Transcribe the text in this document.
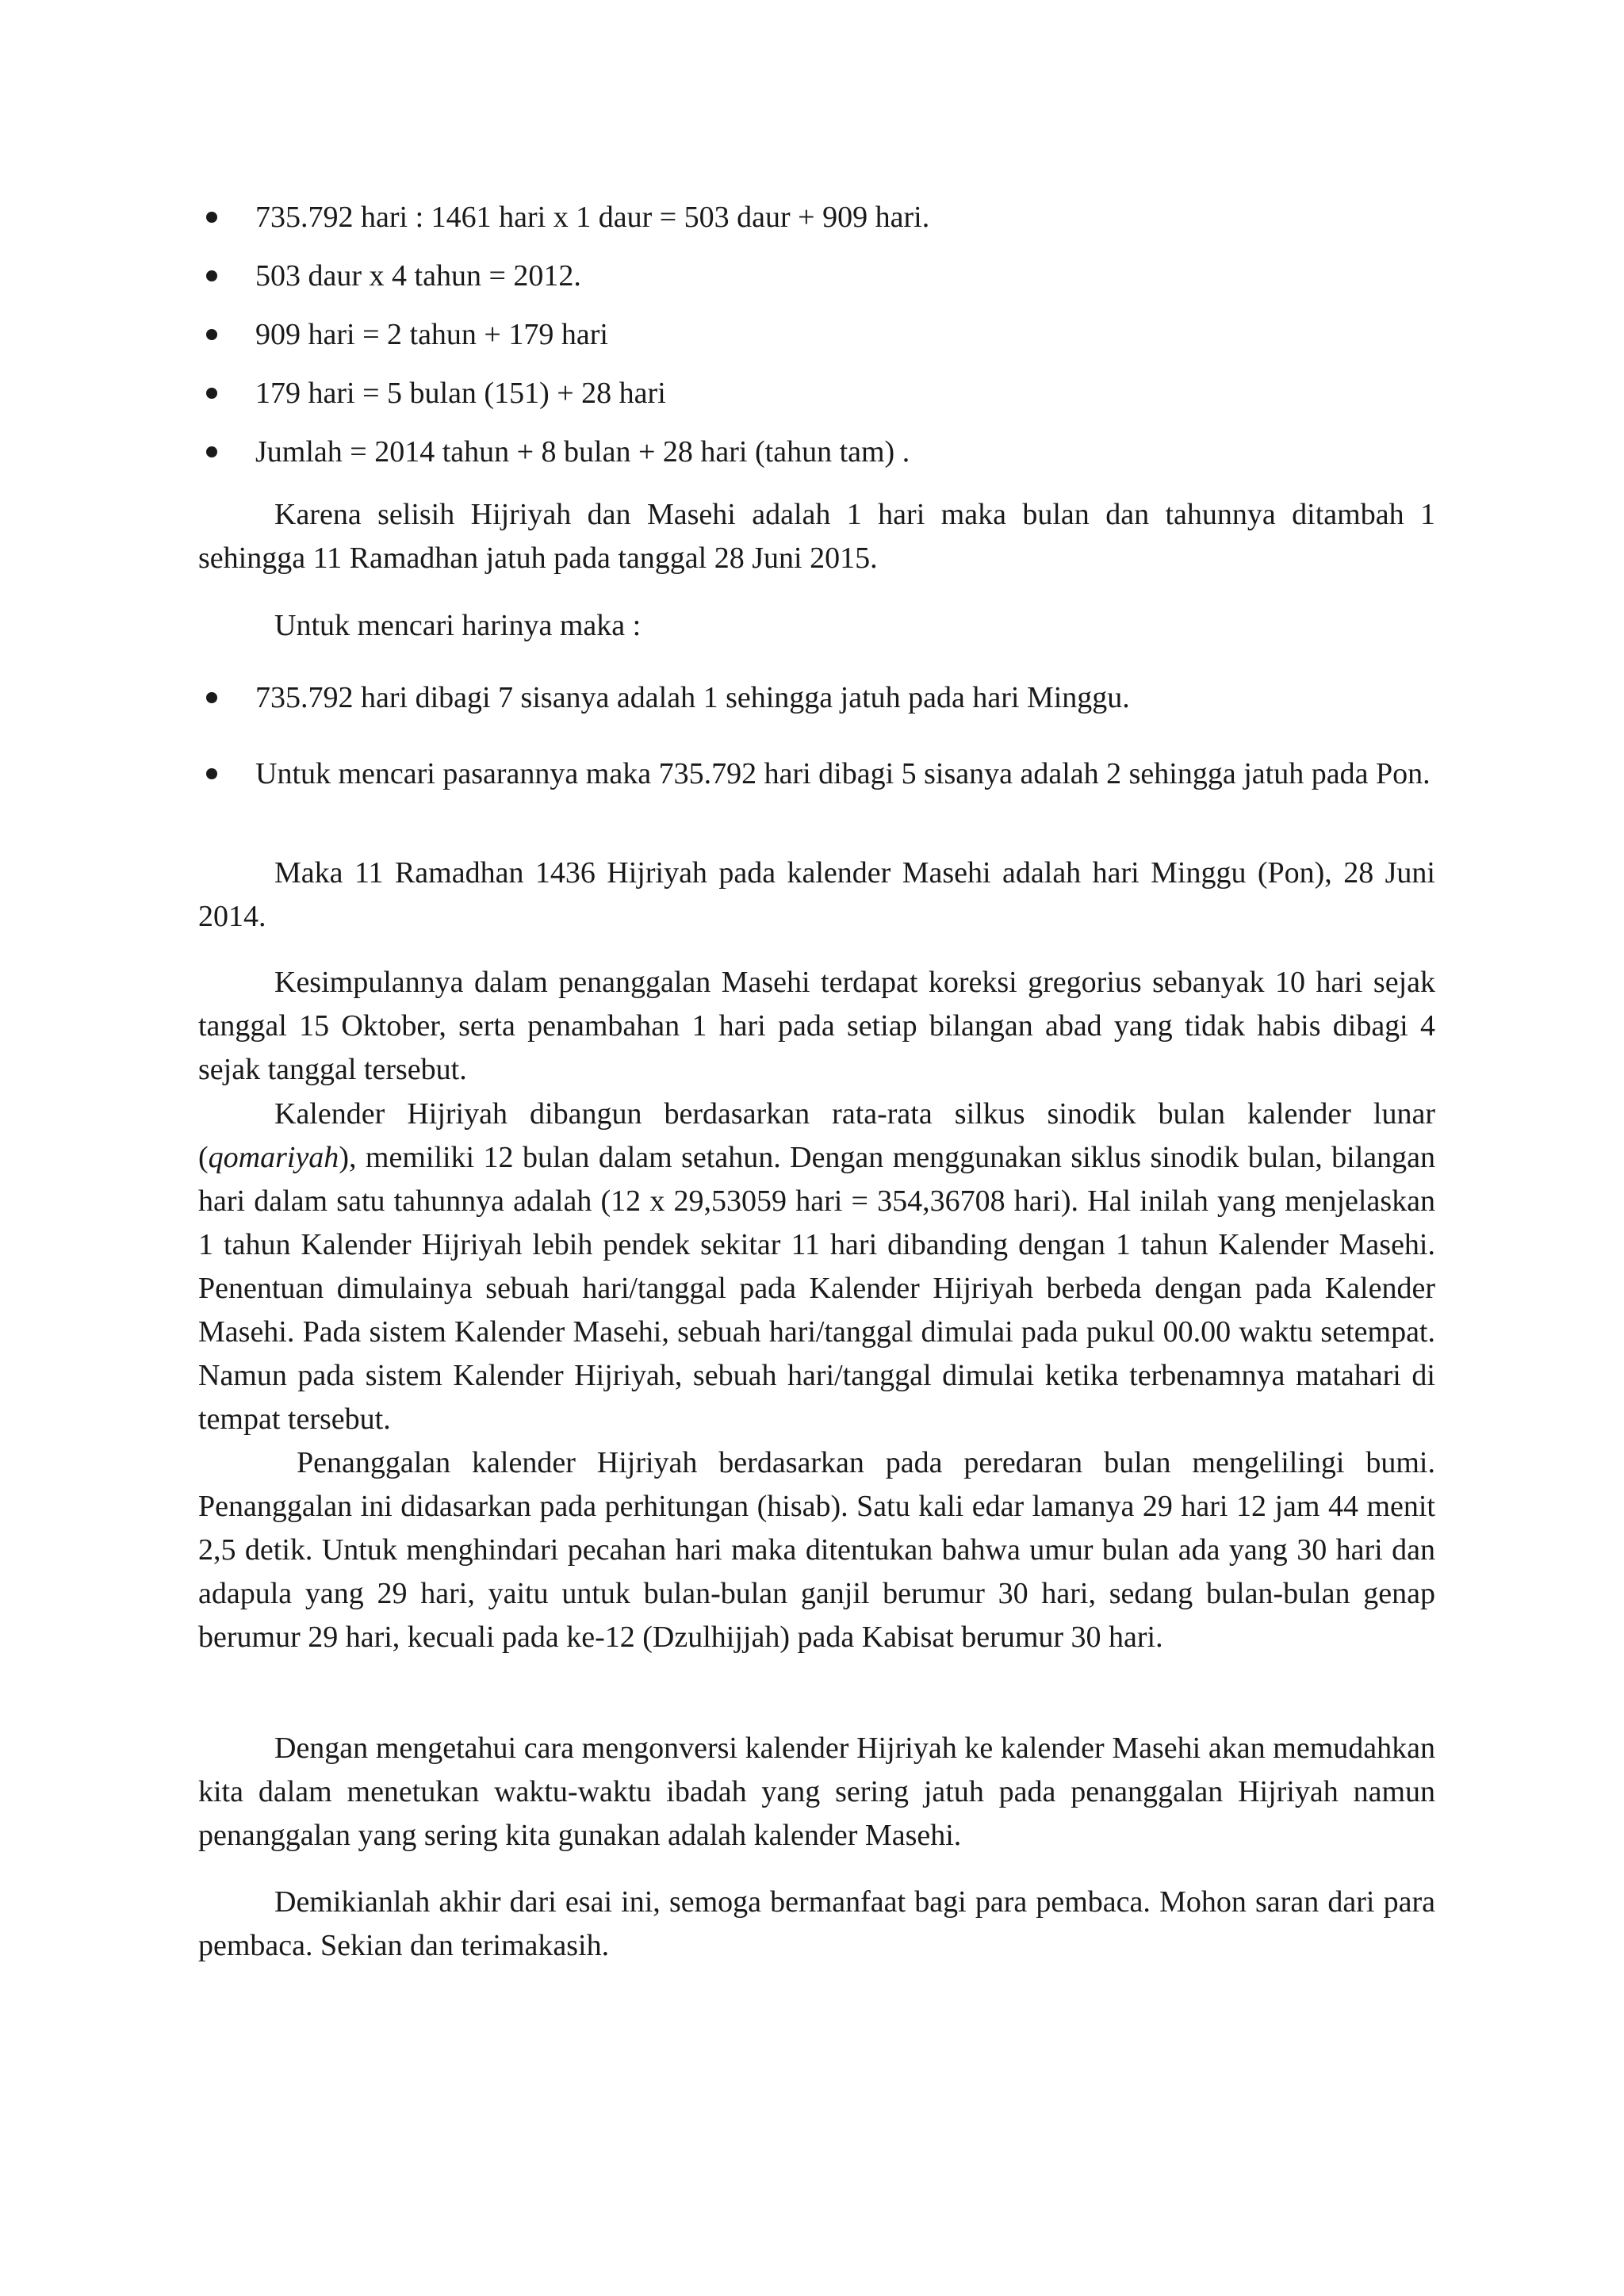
735.792 hari : 1461 hari x 1 daur = 503 daur + 909 hari.
503 daur x 4 tahun = 2012.
909 hari = 2 tahun + 179 hari
179 hari = 5 bulan (151) + 28 hari
Jumlah = 2014 tahun + 8 bulan + 28 hari (tahun tam) .

Karena selisih Hijriyah dan Masehi adalah 1 hari maka bulan dan tahunnya ditambah 1 sehingga 11 Ramadhan jatuh pada tanggal 28 Juni 2015.

Untuk mencari harinya maka :

735.792 hari dibagi 7 sisanya adalah 1 sehingga jatuh pada hari Minggu.
Untuk mencari pasarannya maka 735.792 hari dibagi 5 sisanya adalah 2 sehingga jatuh pada Pon.

Maka 11 Ramadhan 1436 Hijriyah pada kalender Masehi adalah hari Minggu (Pon), 28 Juni 2014.

Kesimpulannya dalam penanggalan Masehi terdapat koreksi gregorius sebanyak 10 hari sejak tanggal 15 Oktober, serta penambahan 1 hari pada setiap bilangan abad yang tidak habis dibagi 4 sejak tanggal tersebut.

Kalender Hijriyah dibangun berdasarkan rata-rata silkus sinodik bulan kalender lunar (qomariyah), memiliki 12 bulan dalam setahun. Dengan menggunakan siklus sinodik bulan, bilangan hari dalam satu tahunnya adalah (12 x 29,53059 hari = 354,36708 hari). Hal inilah yang menjelaskan 1 tahun Kalender Hijriyah lebih pendek sekitar 11 hari dibanding dengan 1 tahun Kalender Masehi. Penentuan dimulainya sebuah hari/tanggal pada Kalender Hijriyah berbeda dengan pada Kalender Masehi. Pada sistem Kalender Masehi, sebuah hari/tanggal dimulai pada pukul 00.00 waktu setempat. Namun pada sistem Kalender Hijriyah, sebuah hari/tanggal dimulai ketika terbenamnya matahari di tempat tersebut.

Penanggalan kalender Hijriyah berdasarkan pada peredaran bulan mengelilingi bumi. Penanggalan ini didasarkan pada perhitungan (hisab). Satu kali edar lamanya 29 hari 12 jam 44 menit 2,5 detik. Untuk menghindari pecahan hari maka ditentukan bahwa umur bulan ada yang 30 hari dan adapula yang 29 hari, yaitu untuk bulan-bulan ganjil berumur 30 hari, sedang bulan-bulan genap berumur 29 hari, kecuali pada ke-12 (Dzulhijjah) pada Kabisat berumur 30 hari.

Dengan mengetahui cara mengonversi kalender Hijriyah ke kalender Masehi akan memudahkan kita dalam menetukan waktu-waktu ibadah yang sering jatuh pada penanggalan Hijriyah namun penanggalan yang sering kita gunakan adalah kalender Masehi.

Demikianlah akhir dari esai ini, semoga bermanfaat bagi para pembaca. Mohon saran dari para pembaca. Sekian dan terimakasih.
